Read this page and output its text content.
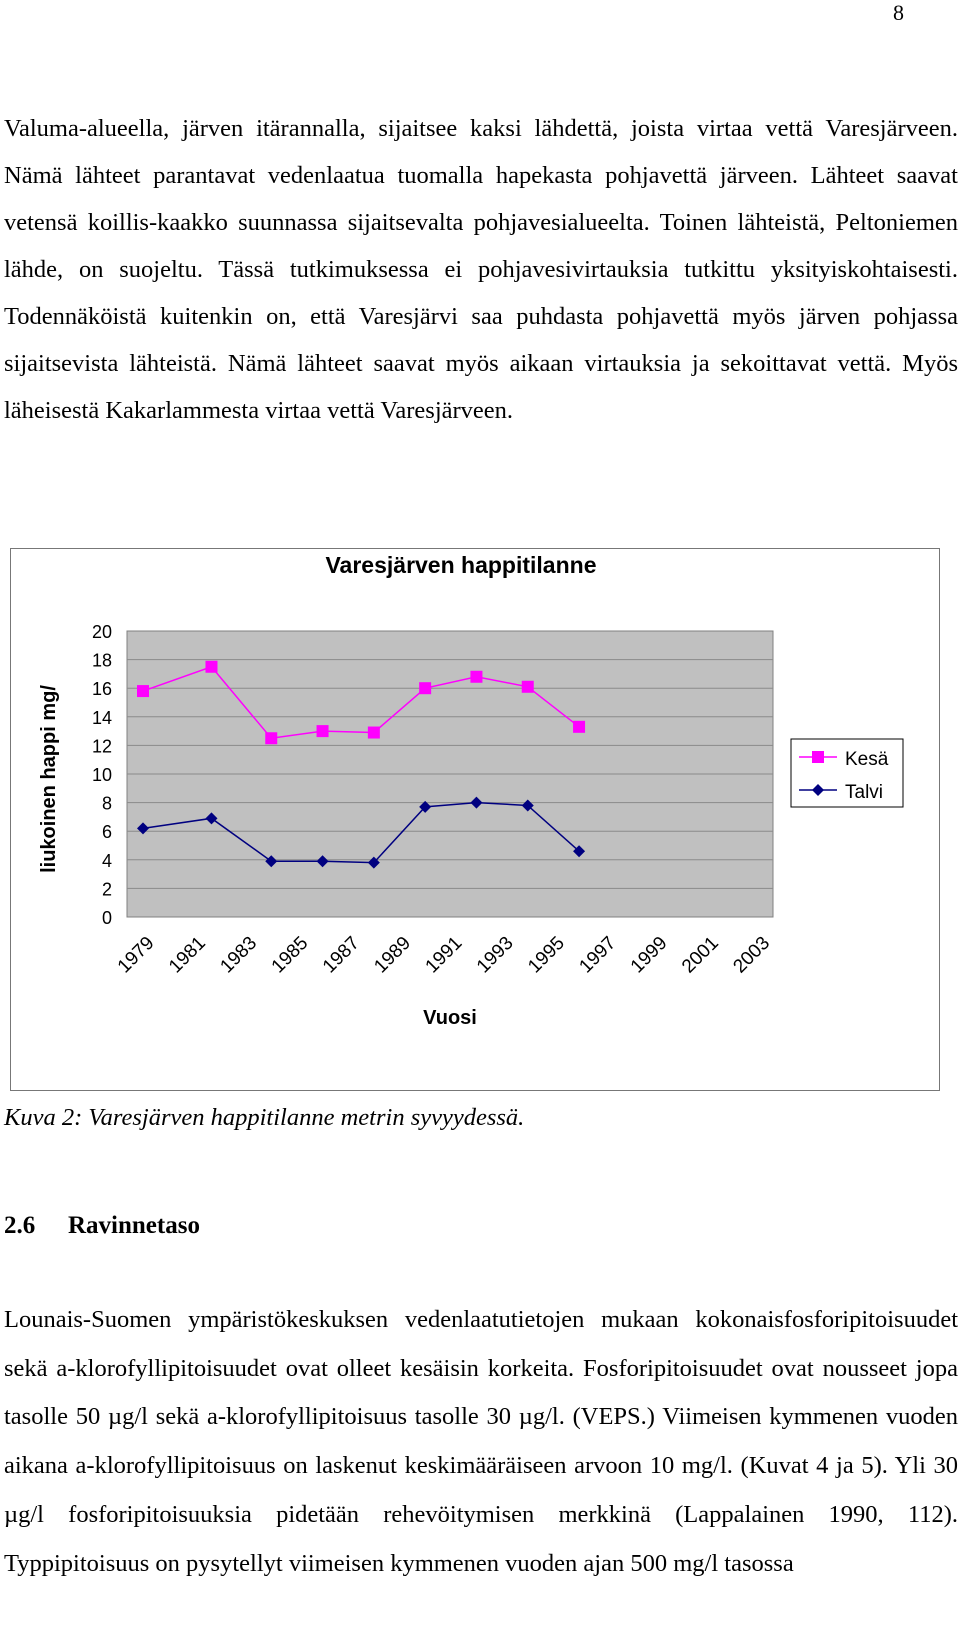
8

Valuma-alueella, järven itärannalla, sijaitsee kaksi lähdettä, joista virtaa vettä Varesjärveen. Nämä lähteet parantavat vedenlaatua tuomalla hapekasta pohjavettä järveen. Lähteet saavat vetensä koillis-kaakko suunnassa sijaitsevalta pohjavesialueelta. Toinen lähteistä, Peltoniemen lähde, on suojeltu. Tässä tutkimuksessa ei pohjavesivirtauksia tutkittu yksityiskohtaisesti. Todennäköistä kuitenkin on, että Varesjärvi saa puhdasta pohjavettä myös järven pohjassa sijaitsevista lähteistä. Nämä lähteet saavat myös aikaan virtauksia ja sekoittavat vettä. Myös läheisestä Kakarlammesta virtaa vettä Varesjärveen.

Varesjärven happitilanne
0
2
4
6
8
10
12
14
16
18
20
1979 1981 1983 1985 1987 1989 1991 1993 1995 1997 1999 2001 2003
liukoinen happi mg/
Vuosi
Kesä
Talvi

Kuva 2: Varesjärven happitilanne metrin syvyydessä.

2.6 Ravinnetaso

Lounais-Suomen ympäristökeskuksen vedenlaatutietojen mukaan kokonaisfosforipitoisuudet sekä a-klorofyllipitoisuudet ovat olleet kesäisin korkeita. Fosforipitoisuudet ovat nousseet jopa tasolle 50 µg/l sekä a-klorofyllipitoisuus tasolle 30 µg/l. (VEPS.) Viimeisen kymmenen vuoden aikana a-klorofyllipitoisuus on laskenut keskimääräiseen arvoon 10 mg/l. (Kuvat 4 ja 5). Yli 30 µg/l fosforipitoisuuksia pidetään rehevöitymisen merkkinä (Lappalainen 1990, 112). Typpipitoisuus on pysytellyt viimeisen kymmenen vuoden ajan 500 mg/l tasossa
